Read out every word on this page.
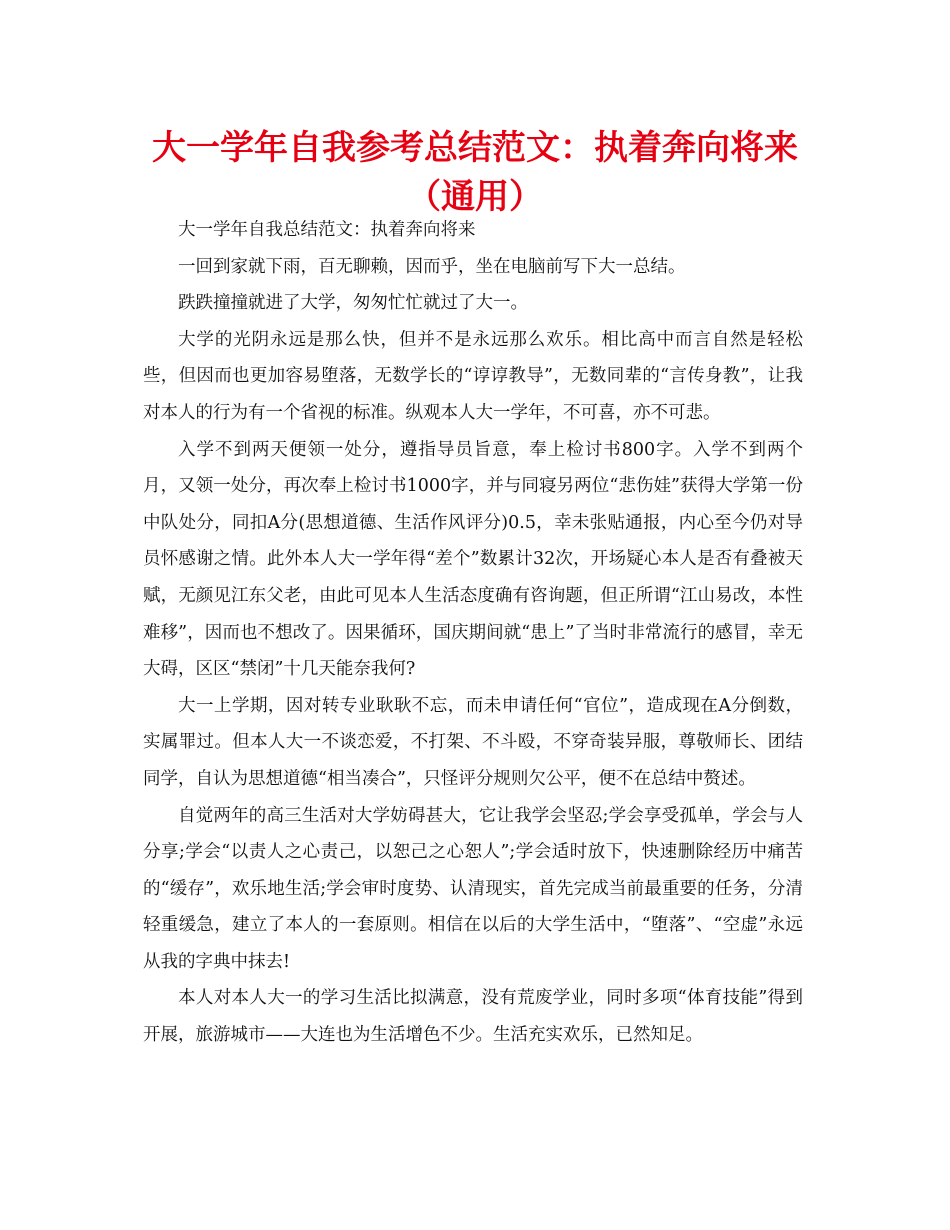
大一学年自我参考总结范文：执着奔向将来（通用）

大一学年自我总结范文：执着奔向将来

一回到家就下雨，百无聊赖，因而乎，坐在电脑前写下大一总结。

跌跌撞撞就进了大学，匆匆忙忙就过了大一。

大学的光阴永远是那么快，但并不是永远那么欢乐。相比高中而言自然是轻松些，但因而也更加容易堕落，无数学长的“谆谆教导”，无数同辈的“言传身教”，让我对本人的行为有一个省视的标准。纵观本人大一学年，不可喜，亦不可悲。

入学不到两天便领一处分，遵指导员旨意，奉上检讨书800字。入学不到两个月，又领一处分，再次奉上检讨书1000字，并与同寝另两位“悲伤娃”获得大学第一份中队处分，同扣A分(思想道德、生活作风评分)0.5，幸未张贴通报，内心至今仍对导员怀感谢之情。此外本人大一学年得“差个”数累计32次，开场疑心本人是否有叠被天赋，无颜见江东父老，由此可见本人生活态度确有咨询题，但正所谓“江山易改，本性难移”，因而也不想改了。因果循环，国庆期间就“患上”了当时非常流行的感冒，幸无大碍，区区“禁闭”十几天能奈我何?

大一上学期，因对转专业耿耿不忘，而未申请任何“官位”，造成现在A分倒数，实属罪过。但本人大一不谈恋爱，不打架、不斗殴，不穿奇装异服，尊敬师长、团结同学，自认为思想道德“相当凑合”，只怪评分规则欠公平，便不在总结中赘述。

自觉两年的高三生活对大学妨碍甚大，它让我学会坚忍;学会享受孤单，学会与人分享;学会“以责人之心责己，以恕己之心恕人”;学会适时放下，快速删除经历中痛苦的“缓存”，欢乐地生活;学会审时度势、认清现实，首先完成当前最重要的任务，分清轻重缓急，建立了本人的一套原则。相信在以后的大学生活中，“堕落”、“空虚”永远从我的字典中抹去!

本人对本人大一的学习生活比拟满意，没有荒废学业，同时多项“体育技能”得到开展，旅游城市——大连也为生活增色不少。生活充实欢乐，已然知足。
